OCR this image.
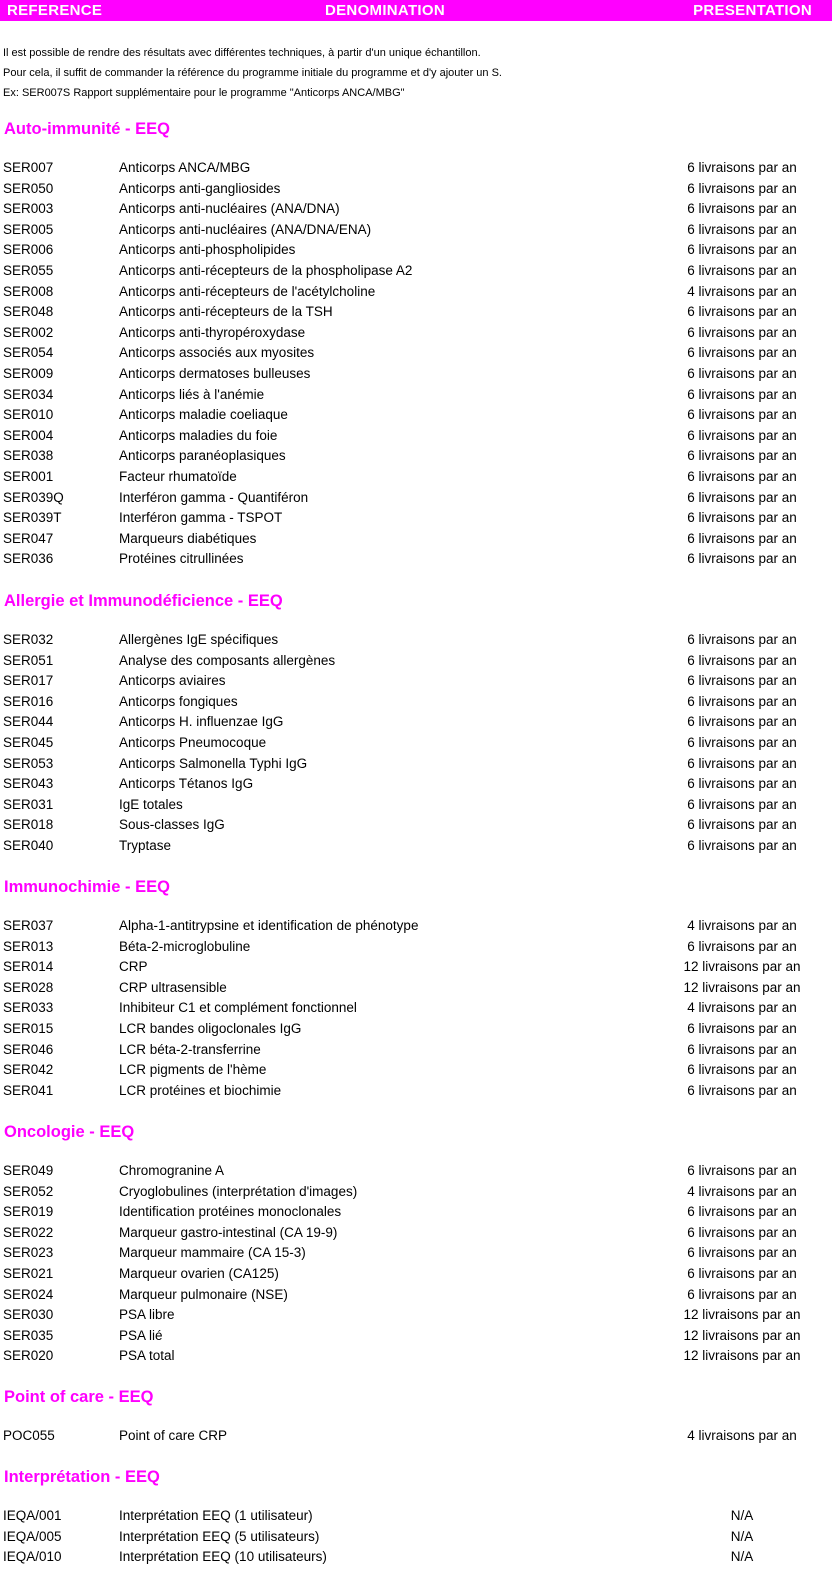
REFERENCE	DENOMINATION	PRESENTATION
Il est possible de rendre des résultats avec différentes techniques, à partir d'un unique échantillon.
Pour cela, il suffit de commander la référence du programme initiale du programme et d'y ajouter un S.
Ex: SER007S Rapport supplémentaire pour le programme "Anticorps ANCA/MBG"
Auto-immunité - EEQ
SER007	Anticorps ANCA/MBG	6 livraisons par an
SER050	Anticorps anti-gangliosides	6 livraisons par an
SER003	Anticorps anti-nucléaires (ANA/DNA)	6 livraisons par an
SER005	Anticorps anti-nucléaires (ANA/DNA/ENA)	6 livraisons par an
SER006	Anticorps anti-phospholipides	6 livraisons par an
SER055	Anticorps anti-récepteurs de la phospholipase A2	6 livraisons par an
SER008	Anticorps anti-récepteurs de l'acétylcholine	4 livraisons par an
SER048	Anticorps anti-récepteurs de la TSH	6 livraisons par an
SER002	Anticorps anti-thyropéroxydase	6 livraisons par an
SER054	Anticorps associés aux myosites	6 livraisons par an
SER009	Anticorps dermatoses bulleuses	6 livraisons par an
SER034	Anticorps liés à l'anémie	6 livraisons par an
SER010	Anticorps maladie coeliaque	6 livraisons par an
SER004	Anticorps maladies du foie	6 livraisons par an
SER038	Anticorps paranéoplasiques	6 livraisons par an
SER001	Facteur rhumatoïde	6 livraisons par an
SER039Q	Interféron gamma - Quantiféron	6 livraisons par an
SER039T	Interféron gamma - TSPOT	6 livraisons par an
SER047	Marqueurs diabétiques	6 livraisons par an
SER036	Protéines citrullinées	6 livraisons par an
Allergie et Immunodéficience - EEQ
SER032	Allergènes IgE spécifiques	6 livraisons par an
SER051	Analyse des composants allergènes	6 livraisons par an
SER017	Anticorps aviaires	6 livraisons par an
SER016	Anticorps fongiques	6 livraisons par an
SER044	Anticorps H. influenzae IgG	6 livraisons par an
SER045	Anticorps Pneumocoque	6 livraisons par an
SER053	Anticorps Salmonella Typhi IgG	6 livraisons par an
SER043	Anticorps Tétanos IgG	6 livraisons par an
SER031	IgE totales	6 livraisons par an
SER018	Sous-classes IgG	6 livraisons par an
SER040	Tryptase	6 livraisons par an
Immunochimie - EEQ
SER037	Alpha-1-antitrypsine et identification de phénotype	4 livraisons par an
SER013	Béta-2-microglobuline	6 livraisons par an
SER014	CRP	12 livraisons par an
SER028	CRP ultrasensible	12 livraisons par an
SER033	Inhibiteur C1 et complément fonctionnel	4 livraisons par an
SER015	LCR bandes oligoclonales IgG	6 livraisons par an
SER046	LCR béta-2-transferrine	6 livraisons par an
SER042	LCR pigments de l'hème	6 livraisons par an
SER041	LCR protéines et biochimie	6 livraisons par an
Oncologie - EEQ
SER049	Chromogranine A	6 livraisons par an
SER052	Cryoglobulines (interprétation d'images)	4 livraisons par an
SER019	Identification protéines monoclonales	6 livraisons par an
SER022	Marqueur gastro-intestinal (CA 19-9)	6 livraisons par an
SER023	Marqueur mammaire (CA 15-3)	6 livraisons par an
SER021	Marqueur ovarien (CA125)	6 livraisons par an
SER024	Marqueur pulmonaire (NSE)	6 livraisons par an
SER030	PSA libre	12 livraisons par an
SER035	PSA lié	12 livraisons par an
SER020	PSA total	12 livraisons par an
Point of care - EEQ
POC055	Point of care CRP	4 livraisons par an
Interprétation - EEQ
IEQA/001	Interprétation EEQ (1 utilisateur)	N/A
IEQA/005	Interprétation EEQ (5 utilisateurs)	N/A
IEQA/010	Interprétation EEQ (10 utilisateurs)	N/A
